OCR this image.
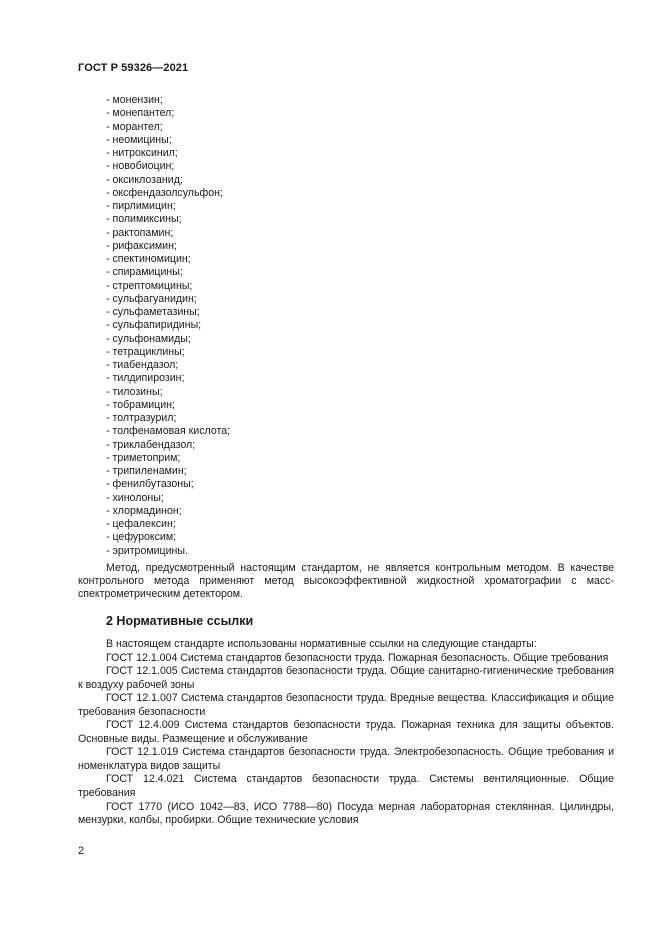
ГОСТ Р 59326—2021
- монензин;
- монепантел;
- морантел;
- неомицины;
- нитроксинил;
- новобиоцин;
- оксиклозанид;
- оксфендазолсульфон;
- пирлимицин;
- полимиксины;
- рактопамин;
- рифаксимин;
- спектиномицин;
- спирамицины;
- стрептомицины;
- сульфагуанидин;
- сульфаметазины;
- сульфапиридины;
- сульфонамиды;
- тетрациклины;
- тиабендазол;
- тилдипирозин;
- тилозины;
- тобрамицин;
- толтразурил;
- толфенамовая кислота;
- триклабендазол;
- триметоприм;
- трипиленамин;
- фенилбутазоны;
- хинолоны;
- хлормадинон;
- цефалексин;
- цефуроксим;
- эритромицины.

Метод, предусмотренный настоящим стандартом, не является контрольным методом. В качестве контрольного метода применяют метод высокоэффективной жидкостной хроматографии с масс-спектрометрическим детектором.

2 Нормативные ссылки

В настоящем стандарте использованы нормативные ссылки на следующие стандарты:

ГОСТ 12.1.004 Система стандартов безопасности труда. Пожарная безопасность. Общие требования

ГОСТ 12.1.005 Система стандартов безопасности труда. Общие санитарно-гигиенические требования к воздуху рабочей зоны

ГОСТ 12.1.007 Система стандартов безопасности труда. Вредные вещества. Классификация и общие требования безопасности

ГОСТ 12.4.009 Система стандартов безопасности труда. Пожарная техника для защиты объектов. Основные виды. Размещение и обслуживание

ГОСТ 12.1.019 Система стандартов безопасности труда. Электробезопасность. Общие требования и номенклатура видов защиты

ГОСТ 12.4.021 Система стандартов безопасности труда. Системы вентиляционные. Общие требования

ГОСТ 1770 (ИСО 1042—83, ИСО 7788—80) Посуда мерная лабораторная стеклянная. Цилиндры, мензурки, колбы, пробирки. Общие технические условия

2
